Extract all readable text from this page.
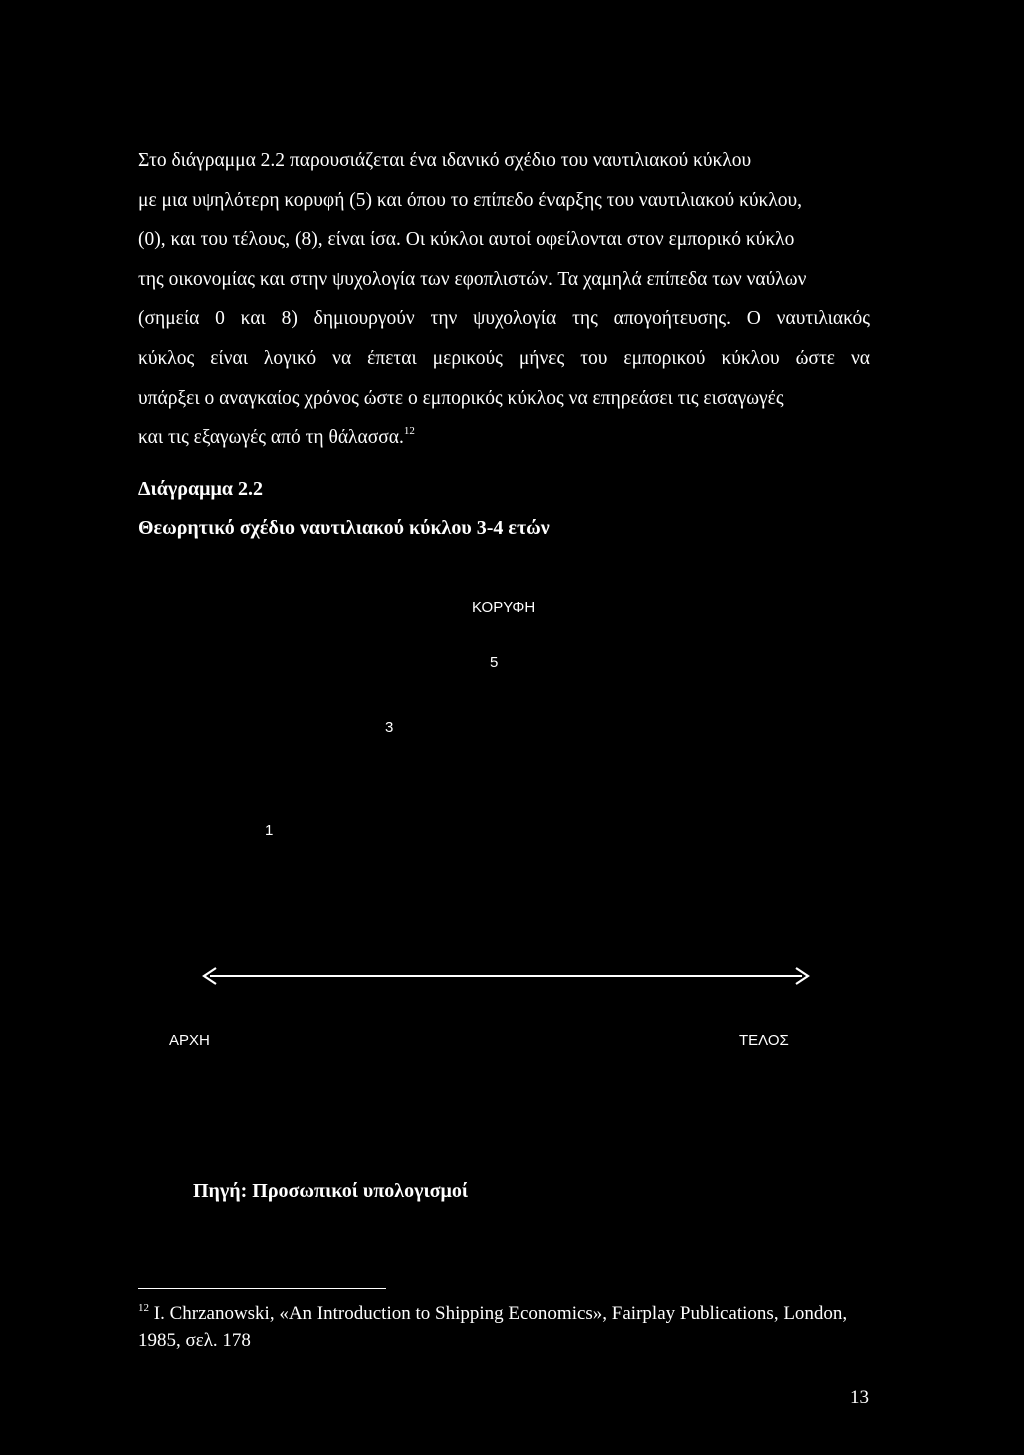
Στο διάγραμμα 2.2 παρουσιάζεται ένα ιδανικό σχέδιο του ναυτιλιακού κύκλου
με μια υψηλότερη κορυφή (5) και όπου το επίπεδο έναρξης του ναυτιλιακού κύκλου,
(0), και του τέλους, (8), είναι ίσα. Οι κύκλοι αυτοί οφείλονται στον εμπορικό κύκλο
της οικονομίας και στην ψυχολογία των εφοπλιστών. Τα χαμηλά επίπεδα των ναύλων
(σημεία 0 και 8) δημιουργούν την ψυχολογία της απογοήτευσης. Ο ναυτιλιακός
κύκλος είναι λογικό να έπεται μερικούς μήνες του εμπορικού κύκλου ώστε να
υπάρξει ο αναγκαίος χρόνος ώστε ο εμπορικός κύκλος να επηρεάσει τις εισαγωγές
και τις εξαγωγές από τη θάλασσα.$^{12}$
Διάγραμμα 2.2
Θεωρητικό σχέδιο ναυτιλιακού κύκλου 3-4 ετών
ΚΟΡΥΦΗ
5
3
1
ΑΡΧΗ	ΤΕΛΟΣ
Πηγή: Προσωπικοί υπολογισμοί
$^{12}$ I. Chrzanowski, «An Introduction to Shipping Economics», Fairplay Publications, London,
1985, σελ. 178
13
